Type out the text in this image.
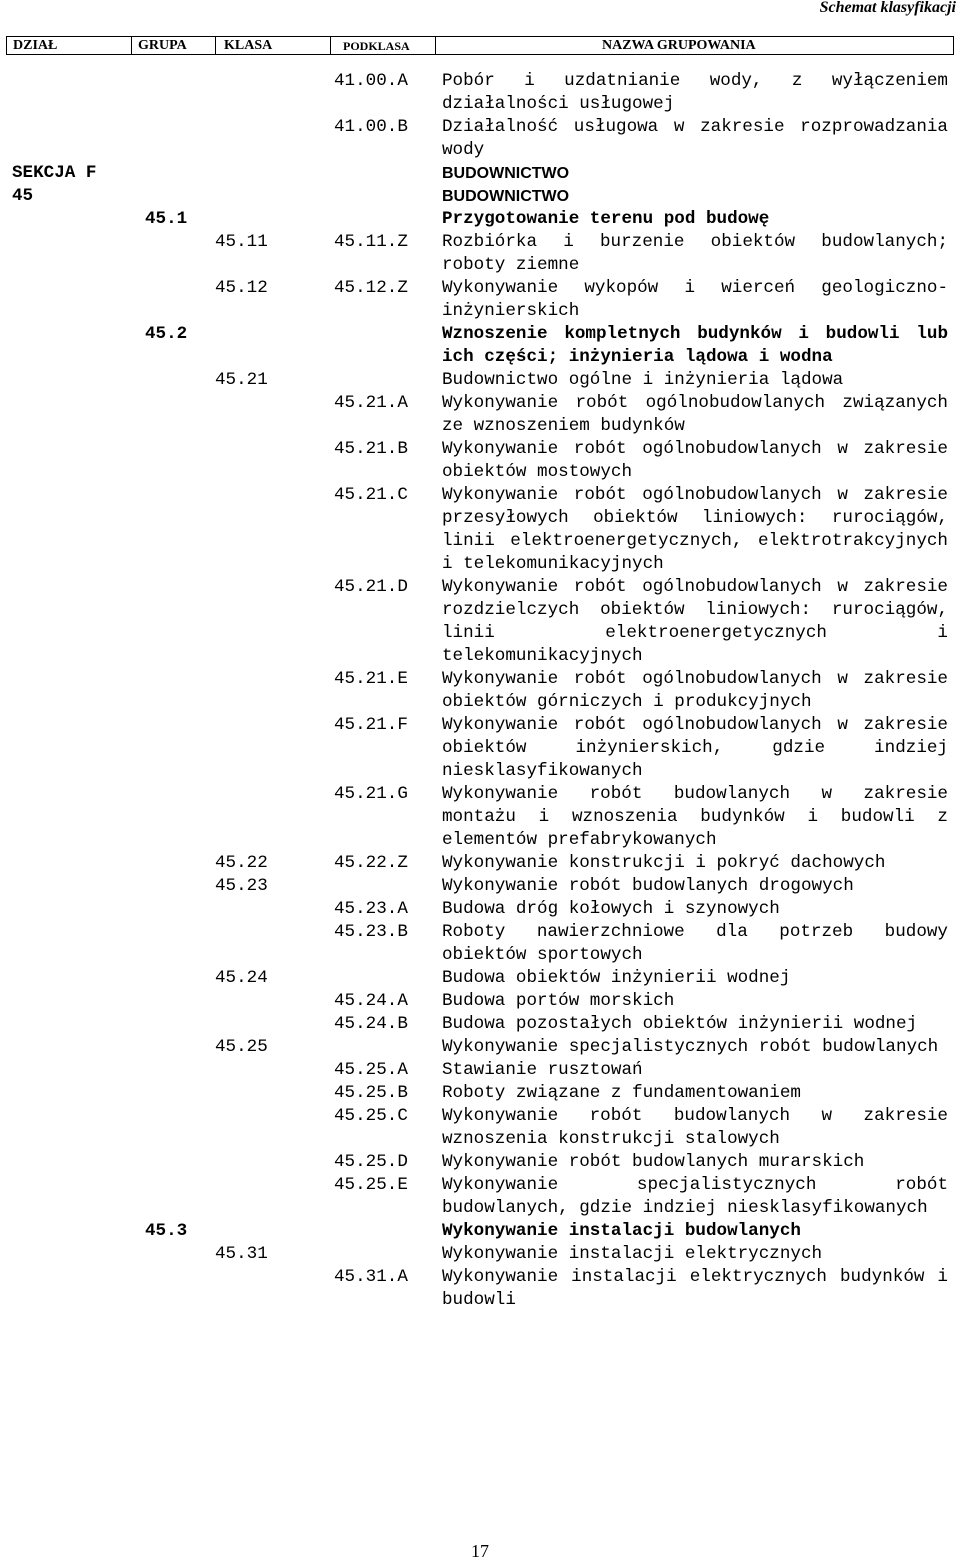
Schemat klasyfikacji
DZIAŁ	GRUPA	KLASA	PODKLASA	NAZWA GRUPOWANIA
41.00.A Pobór i uzdatnianie wody, z wyłączeniem działalności usługowej
41.00.B Działalność usługowa w zakresie rozprowadzania wody
SEKCJA F	BUDOWNICTWO
45	BUDOWNICTWO
45.1	Przygotowanie terenu pod budowę
45.11	45.11.Z Rozbiórka i burzenie obiektów budowlanych; roboty ziemne
45.12	45.12.Z Wykonywanie wykopów i wierceń geologiczno-inżynierskich
45.2	Wznoszenie kompletnych budynków i budowli lub ich części; inżynieria lądowa i wodna
45.21	Budownictwo ogólne i inżynieria lądowa
45.21.A Wykonywanie robót ogólnobudowlanych związanych ze wznoszeniem budynków
45.21.B Wykonywanie robót ogólnobudowlanych w zakresie obiektów mostowych
45.21.C Wykonywanie robót ogólnobudowlanych w zakresie przesyłowych obiektów liniowych: rurociągów, linii elektroenergetycznych, elektrotrakcyjnych i telekomunikacyjnych
45.21.D Wykonywanie robót ogólnobudowlanych w zakresie rozdzielczych obiektów liniowych: rurociągów, linii elektroenergetycznych i telekomunikacyjnych
45.21.E Wykonywanie robót ogólnobudowlanych w zakresie obiektów górniczych i produkcyjnych
45.21.F Wykonywanie robót ogólnobudowlanych w zakresie obiektów inżynierskich, gdzie indziej niesklasyfikowanych
45.21.G Wykonywanie robót budowlanych w zakresie montażu i wznoszenia budynków i budowli z elementów prefabrykowanych
45.22	45.22.Z Wykonywanie konstrukcji i pokryć dachowych
45.23	Wykonywanie robót budowlanych drogowych
45.23.A Budowa dróg kołowych i szynowych
45.23.B Roboty nawierzchniowe dla potrzeb budowy obiektów sportowych
45.24	Budowa obiektów inżynierii wodnej
45.24.A Budowa portów morskich
45.24.B Budowa pozostałych obiektów inżynierii wodnej
45.25	Wykonywanie specjalistycznych robót budowlanych
45.25.A Stawianie rusztowań
45.25.B Roboty związane z fundamentowaniem
45.25.C Wykonywanie robót budowlanych w zakresie wznoszenia konstrukcji stalowych
45.25.D Wykonywanie robót budowlanych murarskich
45.25.E Wykonywanie specjalistycznych robót budowlanych, gdzie indziej niesklasyfikowanych
45.3	Wykonywanie instalacji budowlanych
45.31	Wykonywanie instalacji elektrycznych
45.31.A Wykonywanie instalacji elektrycznych budynków i budowli
17
